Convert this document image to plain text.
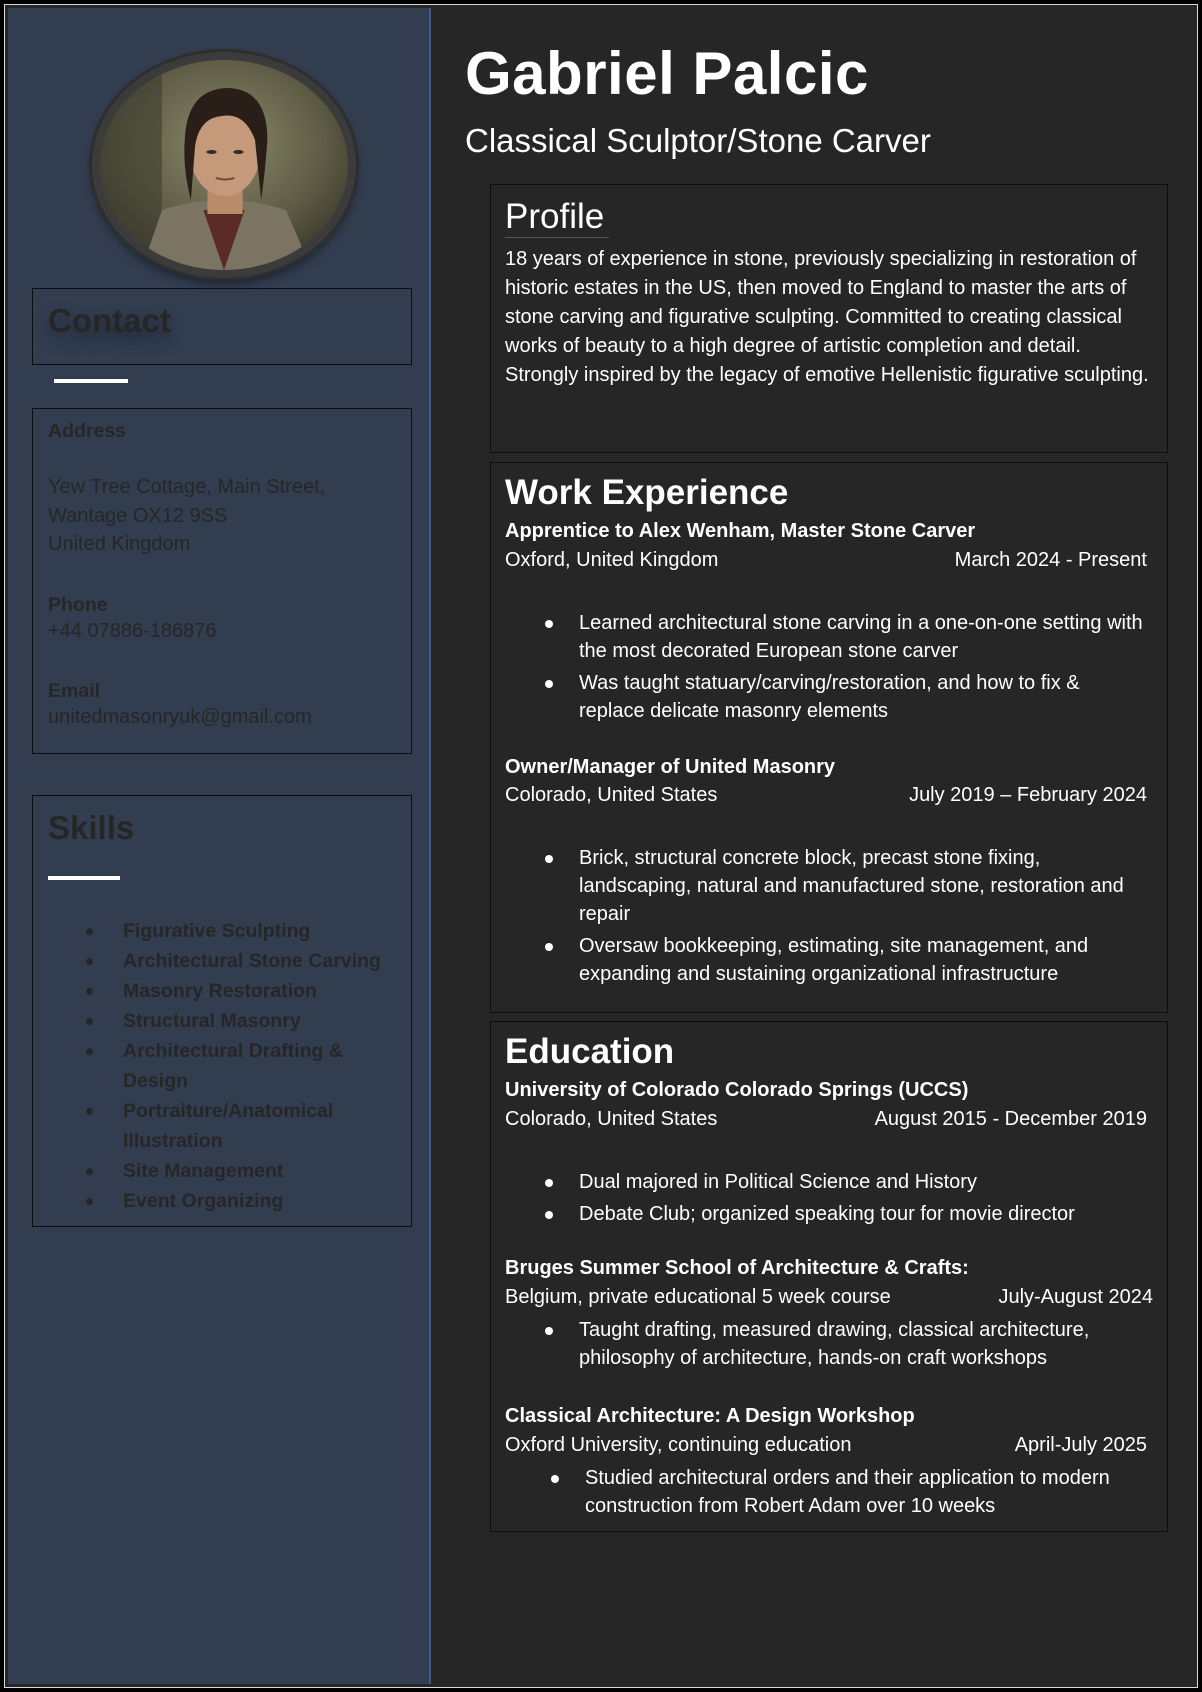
Contact
Address
Yew Tree Cottage, Main Street,
Wantage OX12 9SS
United Kingdom
Phone
+44 07886-186876
Email
unitedmasonryuk@gmail.com
Skills
Figurative Sculpting
Architectural Stone Carving
Masonry Restoration
Structural Masonry
Architectural Drafting & Design
Portraiture/Anatomical Illustration
Site Management
Event Organizing
Gabriel Palcic
Classical Sculptor/Stone Carver
Profile
18 years of experience in stone, previously specializing in restoration of historic estates in the US, then moved to England to master the arts of stone carving and figurative sculpting. Committed to creating classical works of beauty to a high degree of artistic completion and detail. Strongly inspired by the legacy of emotive Hellenistic figurative sculpting.
Work Experience
Apprentice to Alex Wenham, Master Stone Carver
Oxford, United Kingdom	March 2024 - Present
Learned architectural stone carving in a one-on-one setting with the most decorated European stone carver
Was taught statuary/carving/restoration, and how to fix & replace delicate masonry elements
Owner/Manager of United Masonry
Colorado, United States	July 2019 – February 2024
Brick, structural concrete block, precast stone fixing, landscaping, natural and manufactured stone, restoration and repair
Oversaw bookkeeping, estimating, site management, and expanding and sustaining organizational infrastructure
Education
University of Colorado Colorado Springs (UCCS)
Colorado, United States	August 2015 - December 2019
Dual majored in Political Science and History
Debate Club; organized speaking tour for movie director
Bruges Summer School of Architecture & Crafts:
Belgium, private educational 5 week course	July-August 2024
Taught drafting, measured drawing, classical architecture, philosophy of architecture, hands-on craft workshops
Classical Architecture: A Design Workshop
Oxford University, continuing education	April-July 2025
Studied architectural orders and their application to modern construction from Robert Adam over 10 weeks
